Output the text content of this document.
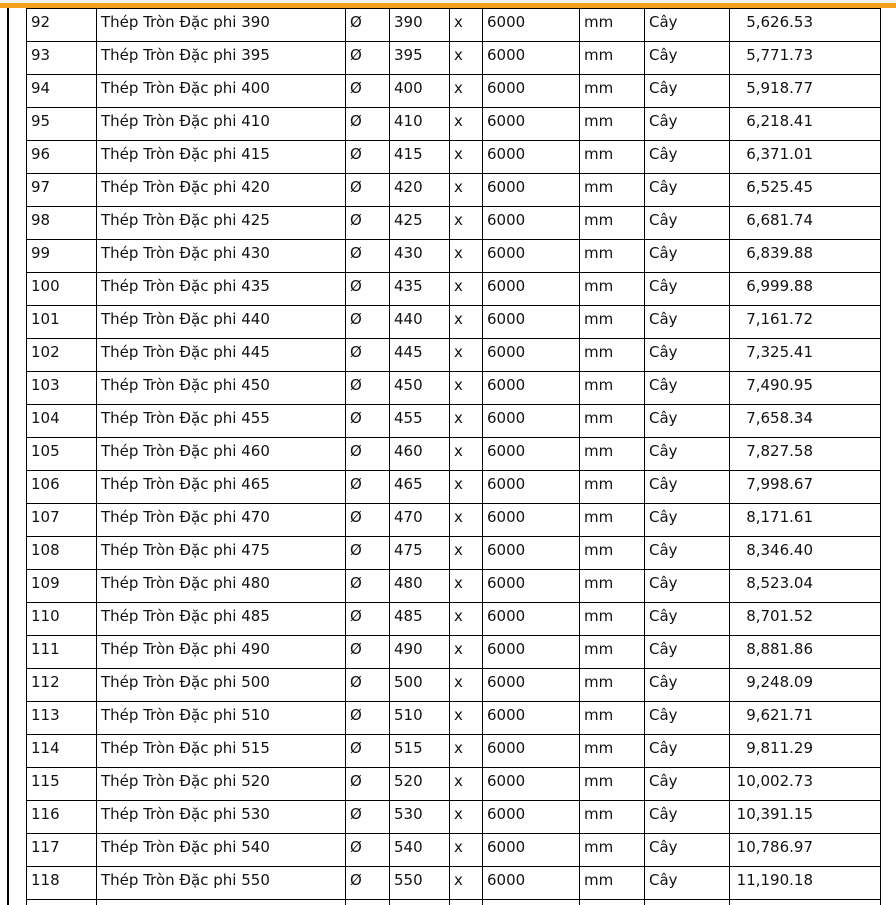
92	Thép Tròn Đặc phi 390	Ø	390	x	6000	mm	Cây	5,626.53
93	Thép Tròn Đặc phi 395	Ø	395	x	6000	mm	Cây	5,771.73
94	Thép Tròn Đặc phi 400	Ø	400	x	6000	mm	Cây	5,918.77
95	Thép Tròn Đặc phi 410	Ø	410	x	6000	mm	Cây	6,218.41
96	Thép Tròn Đặc phi 415	Ø	415	x	6000	mm	Cây	6,371.01
97	Thép Tròn Đặc phi 420	Ø	420	x	6000	mm	Cây	6,525.45
98	Thép Tròn Đặc phi 425	Ø	425	x	6000	mm	Cây	6,681.74
99	Thép Tròn Đặc phi 430	Ø	430	x	6000	mm	Cây	6,839.88
100	Thép Tròn Đặc phi 435	Ø	435	x	6000	mm	Cây	6,999.88
101	Thép Tròn Đặc phi 440	Ø	440	x	6000	mm	Cây	7,161.72
102	Thép Tròn Đặc phi 445	Ø	445	x	6000	mm	Cây	7,325.41
103	Thép Tròn Đặc phi 450	Ø	450	x	6000	mm	Cây	7,490.95
104	Thép Tròn Đặc phi 455	Ø	455	x	6000	mm	Cây	7,658.34
105	Thép Tròn Đặc phi 460	Ø	460	x	6000	mm	Cây	7,827.58
106	Thép Tròn Đặc phi 465	Ø	465	x	6000	mm	Cây	7,998.67
107	Thép Tròn Đặc phi 470	Ø	470	x	6000	mm	Cây	8,171.61
108	Thép Tròn Đặc phi 475	Ø	475	x	6000	mm	Cây	8,346.40
109	Thép Tròn Đặc phi 480	Ø	480	x	6000	mm	Cây	8,523.04
110	Thép Tròn Đặc phi 485	Ø	485	x	6000	mm	Cây	8,701.52
111	Thép Tròn Đặc phi 490	Ø	490	x	6000	mm	Cây	8,881.86
112	Thép Tròn Đặc phi 500	Ø	500	x	6000	mm	Cây	9,248.09
113	Thép Tròn Đặc phi 510	Ø	510	x	6000	mm	Cây	9,621.71
114	Thép Tròn Đặc phi 515	Ø	515	x	6000	mm	Cây	9,811.29
115	Thép Tròn Đặc phi 520	Ø	520	x	6000	mm	Cây	10,002.73
116	Thép Tròn Đặc phi 530	Ø	530	x	6000	mm	Cây	10,391.15
117	Thép Tròn Đặc phi 540	Ø	540	x	6000	mm	Cây	10,786.97
118	Thép Tròn Đặc phi 550	Ø	550	x	6000	mm	Cây	11,190.18
